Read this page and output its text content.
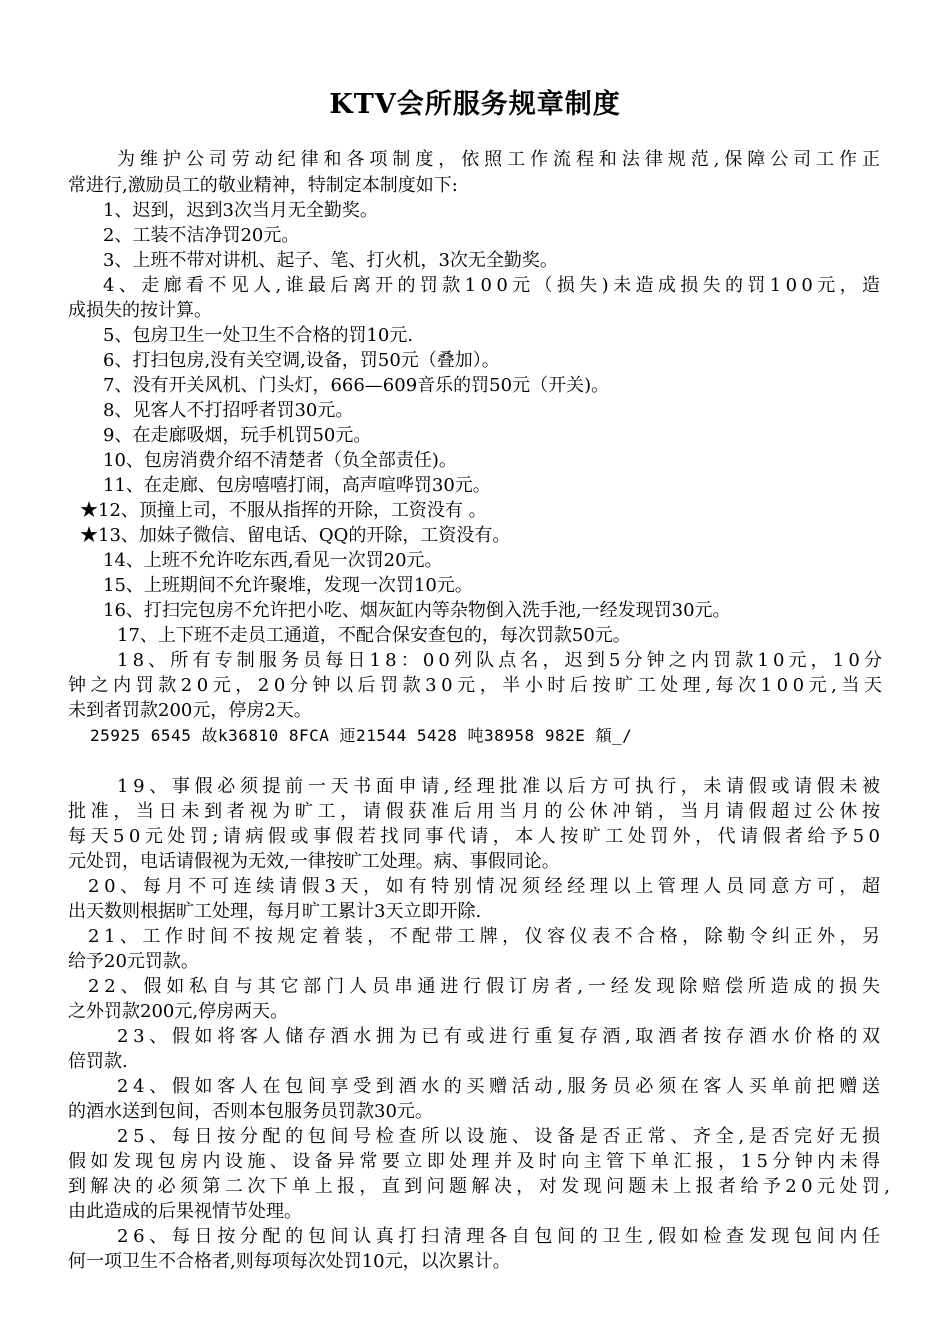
KTV会所服务规章制度
为维护公司劳动纪律和各项制度，依照工作流程和法律规范,保障公司工作正
常进行,激励员工的敬业精神，特制定本制度如下:
1、迟到，迟到3次当月无全勤奖。
2、工装不洁净罚20元。
3、上班不带对讲机、起子、笔、打火机，3次无全勤奖。
4、走廊看不见人,谁最后离开的罚款100元（损失)未造成损失的罚100元，造
成损失的按计算。
5、包房卫生一处卫生不合格的罚10元.
6、打扫包房,没有关空调,设备，罚50元（叠加）。
7、没有开关风机、门头灯，666—609音乐的罚50元（开关)。
8、见客人不打招呼者罚30元。
9、在走廊吸烟，玩手机罚50元。
10、包房消费介绍不清楚者（负全部责任)。
11、在走廊、包房嘻嘻打闹，高声喧哗罚30元。
★12、顶撞上司，不服从指挥的开除，工资没有 。
★13、加妹子微信、留电话、QQ的开除，工资没有。
14、上班不允许吃东西,看见一次罚20元。
15、上班期间不允许聚堆，发现一次罚10元。
16、打扫完包房不允许把小吃、烟灰缸内等杂物倒入洗手池,一经发现罚30元。
17、上下班不走员工通道，不配合保安查包的，每次罚款50元。
18、所有专制服务员每日18：00列队点名，迟到5分钟之内罚款10元，10分
钟之内罚款20元，20分钟以后罚款30元，半小时后按旷工处理,每次100元,当天
未到者罚款200元，停房2天。
25925 6545 故k36810 8FCA 迊21544 5428 吨38958 982E 頯_/
19、事假必须提前一天书面申请,经理批准以后方可执行，未请假或请假未被
批准，当日未到者视为旷工，请假获准后用当月的公休冲销，当月请假超过公休按
每天50元处罚;请病假或事假若找同事代请，本人按旷工处罚外，代请假者给予50
元处罚，电话请假视为无效,一律按旷工处理。病、事假同论。
20、每月不可连续请假3天，如有特别情况须经经理以上管理人员同意方可，超
出天数则根据旷工处理，每月旷工累计3天立即开除.
21、工作时间不按规定着装，不配带工牌，仪容仪表不合格，除勒令纠正外，另
给予20元罚款。
22、假如私自与其它部门人员串通进行假订房者,一经发现除赔偿所造成的损失
之外罚款200元,停房两天。
23、假如将客人储存酒水拥为已有或进行重复存酒,取酒者按存酒水价格的双
倍罚款.
24、假如客人在包间享受到酒水的买赠活动,服务员必须在客人买单前把赠送
的酒水送到包间，否则本包服务员罚款30元。
25、每日按分配的包间号检查所以设施、设备是否正常、齐全,是否完好无损
假如发现包房内设施、设备异常要立即处理并及时向主管下单汇报，15分钟内未得
到解决的必须第二次下单上报，直到问题解决，对发现问题未上报者给予20元处罚,
由此造成的后果视情节处理。
26、每日按分配的包间认真打扫清理各自包间的卫生,假如检查发现包间内任
何一项卫生不合格者,则每项每次处罚10元，以次累计。
